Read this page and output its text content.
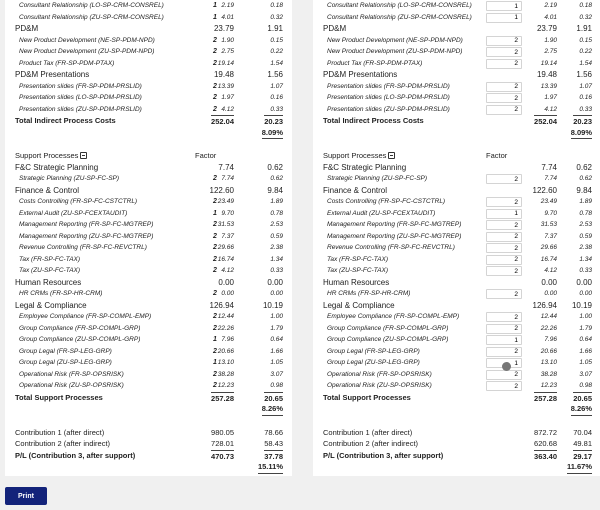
Consultant Relationship (LO-SP-CRM-CONSREL)	1 2.19	0.18
Consultant Relationship (ZU-SP-CRM-CONSREL)	1 4.01	0.32
PD&M	23.79	1.91
New Product Development (NE-SP-PDM-NPD)	2 1.90	0.15
New Product Development (ZU-SP-PDM-NPD)	2 2.75	0.22
Product Tax (FR-SP-PDM-PTAX)	2 19.14	1.54
PD&M Presentations	19.48	1.56
Presentation slides (FR-SP-PDM-PRSLID)	2 13.39	1.07
Presentation slides (LO-SP-PDM-PRSLID)	2 1.97	0.16
Presentation slides (ZU-SP-PDM-PRSLID)	2 4.12	0.33
Total Indirect Process Costs	252.04	20.23
8.09%
Support Processes	Factor
F&C Strategic Planning	7.74	0.62
Strategic Planning (ZU-SP-FC-SP)	2 7.74	0.62
Finance & Control	122.60	9.84
Costs Controlling (FR-SP-FC-CSTCTRL)	2 23.49	1.89
External Audit (ZU-SP-FCEXTAUDIT)	1 9.70	0.78
Management Reporting (FR-SP-FC-MGTREP)	2 31.53	2.53
Management Reporting (ZU-SP-FC-MGTREP)	2 7.37	0.59
Revenue Controlling (FR-SP-FC-REVCTRL)	2 29.66	2.38
Tax (FR-SP-FC-TAX)	2 16.74	1.34
Tax (ZU-SP-FC-TAX)	2 4.12	0.33
Human Resources	0.00	0.00
HR CRMs (FR-SP-HR-CRM)	2 0.00	0.00
Legal & Compliance	126.94	10.19
Employee Compliance (FR-SP-COMPL-EMP)	2 12.44	1.00
Group Compliance (FR-SP-COMPL-GRP)	2 22.26	1.79
Group Compliance (ZU-SP-COMPL-GRP)	1 7.96	0.64
Group Legal (FR-SP-LEG-GRP)	2 20.66	1.66
Group Legal (ZU-SP-LEG-GRP)	1 13.10	1.05
Operational Risk (FR-SP-OPSRISK)	2 38.28	3.07
Operational Risk (ZU-SP-OPSRISK)	2 12.23	0.98
Total Support Processes	257.28	20.65
8.26%
Contribution 1 (after direct)	980.05	78.66
Contribution 2 (after indirect)	728.01	58.43
P/L (Contribution 3, after support)	470.73	37.78
15.11%
Consultant Relationship (LO-SP-CRM-CONSREL)
1	2.19	0.18
Consultant Relationship (ZU-SP-CRM-CONSREL)
1	4.01	0.32
PD&M	23.79 1.91
New Product Development (NE-SP-PDM-NPD)
2	1.90	0.15
New Product Development (ZU-SP-PDM-NPD)
2	2.75	0.22
Product Tax (FR-SP-PDM-PTAX)
2	19.14	1.54
PD&M Presentations	19.48 1.56
Presentation slides (FR-SP-PDM-PRSLID)
2	13.39	1.07
Presentation slides (LO-SP-PDM-PRSLID)
2	1.97	0.16
Presentation slides (ZU-SP-PDM-PRSLID)
2	4.12	0.33
Total Indirect Process Costs	252.04 20.23
8.09%
Support Processes	Factor
F&C Strategic Planning	7.74 0.62
Strategic Planning (ZU-SP-FC-SP)
2	7.74	0.62
Finance & Control	122.60 9.84
Costs Controlling (FR-SP-FC-CSTCTRL)
2	23.49	1.89
External Audit (ZU-SP-FCEXTAUDIT)
1	9.70	0.78
Management Reporting (FR-SP-FC-MGTREP)
2	31.53	2.53
Management Reporting (ZU-SP-FC-MGTREP)
2	7.37	0.59
Revenue Controlling (FR-SP-FC-REVCTRL)
2	29.66	2.38
Tax (FR-SP-FC-TAX)
2	16.74	1.34
Tax (ZU-SP-FC-TAX)
2	4.12	0.33
Human Resources	0.00 0.00
HR CRMs (FR-SP-HR-CRM)
2	0.00	0.00
Legal & Compliance	126.94 10.19
Employee Compliance (FR-SP-COMPL-EMP)
2	12.44	1.00
Group Compliance (FR-SP-COMPL-GRP)
2	22.26	1.79
Group Compliance (ZU-SP-COMPL-GRP)
1	7.96	0.64
Group Legal (FR-SP-LEG-GRP)
2	20.66	1.66
Group Legal (ZU-SP-LEG-GRP)
1	13.10	1.05
Operational Risk (FR-SP-OPSRISK)
2	38.28	3.07
Operational Risk (ZU-SP-OPSRISK)
2	12.23	0.98
Total Support Processes	257.28 20.65
8.26%
Contribution 1 (after direct)	872.72 70.04
Contribution 2 (after indirect)	620.68 49.81
P/L (Contribution 3, after support)	363.40 29.17
11.67%
Print
